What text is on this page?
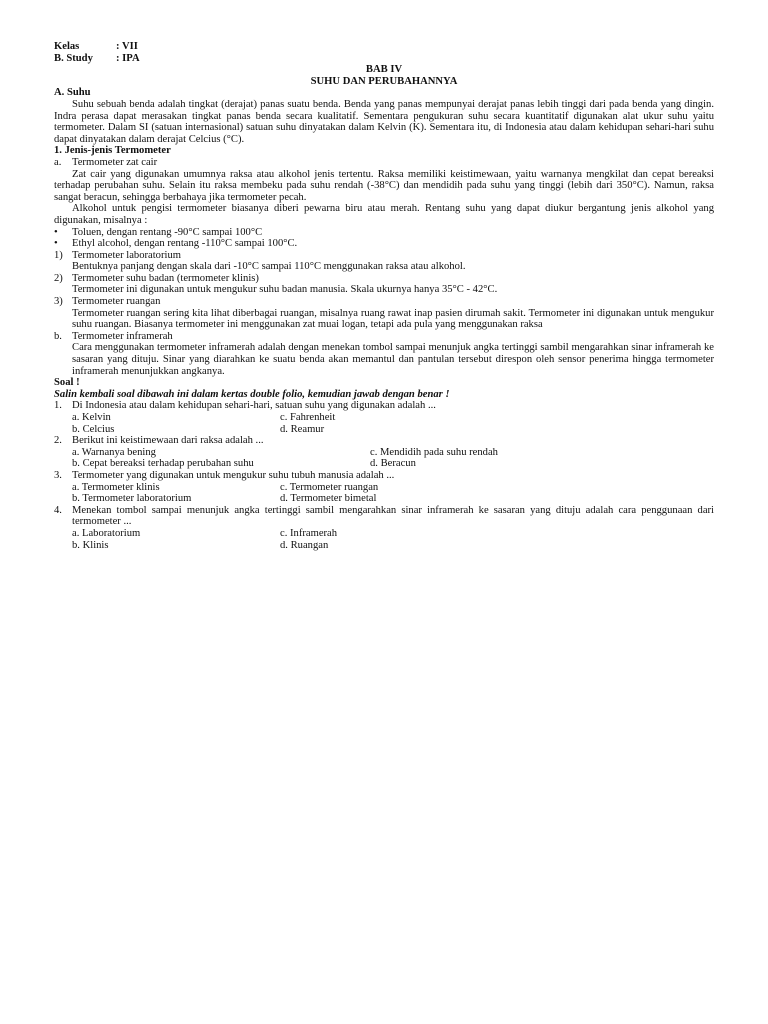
Kelas	: VII
B. Study	: IPA
BAB IV
SUHU DAN PERUBAHANNYA
A. Suhu

Suhu sebuah benda adalah tingkat (derajat) panas suatu benda. Benda yang panas mempunyai derajat panas lebih tinggi dari pada benda yang dingin. Indra perasa dapat merasakan tingkat panas benda secara kualitatif. Sementara pengukuran suhu secara kuantitatif digunakan alat ukur suhu yaitu termometer. Dalam SI (satuan internasional) satuan suhu dinyatakan dalam Kelvin (K). Sementara itu, di Indonesia atau dalam kehidupan sehari-hari suhu dapat dinyatakan dalam derajat Celcius (°C).

1. Jenis-jenis Termometer
a.	Termometer zat cair

Zat cair yang digunakan umumnya raksa atau alkohol jenis tertentu. Raksa memiliki keistimewaan, yaitu warnanya mengkilat dan cepat bereaksi terhadap perubahan suhu. Selain itu raksa membeku pada suhu rendah (-38°C) dan mendidih pada suhu yang tinggi (lebih dari 350°C). Namun, raksa sangat beracun, sehingga berbahaya jika termometer pecah.

Alkohol untuk pengisi termometer biasanya diberi pewarna biru atau merah. Rentang suhu yang dapat diukur bergantung jenis alkohol yang digunakan, misalnya :

•	Toluen, dengan rentang -90°C sampai 100°C
•	Ethyl alcohol, dengan rentang -110°C sampai 100°C.
1) Termometer laboratorium

Bentuknya panjang dengan skala dari -10°C sampai 110°C menggunakan raksa atau alkohol.

2) Termometer suhu badan (termometer klinis)

Termometer ini digunakan untuk mengukur suhu badan manusia. Skala ukurnya hanya 35°C - 42°C.

3) Termometer ruangan

Termometer ruangan sering kita lihat diberbagai ruangan, misalnya ruang rawat inap pasien dirumah sakit. Termometer ini digunakan untuk mengukur suhu ruangan. Biasanya termometer ini menggunakan zat muai logan, tetapi ada pula yang menggunakan raksa

b. Termometer inframerah

Cara menggunakan termometer inframerah adalah dengan menekan tombol sampai menunjuk angka tertinggi sambil mengarahkan sinar inframerah ke sasaran yang dituju. Sinar yang diarahkan ke suatu benda akan memantul dan pantulan tersebut direspon oleh sensor penerima hingga termometer inframerah menunjukkan angkanya.

Soal !
Salin kembali soal dibawah ini dalam kertas double folio, kemudian jawab dengan benar !
1. Di Indonesia atau dalam kehidupan sehari-hari, satuan suhu yang digunakan adalah ...
a. Kelvin	c. Fahrenheit
b. Celcius	d. Reamur
2. Berikut ini keistimewaan dari raksa adalah ...
a. Warnanya bening	c. Mendidih pada suhu rendah
b. Cepat bereaksi terhadap perubahan suhu	d. Beracun
3. Termometer yang digunakan untuk mengukur suhu tubuh manusia adalah ...
a. Termometer klinis	c. Termometer ruangan
b. Termometer laboratorium	d. Termometer bimetal
4. Menekan tombol sampai menunjuk angka tertinggi sambil mengarahkan sinar inframerah ke sasaran yang dituju adalah cara penggunaan dari termometer ...
a. Laboratorium	c. Inframerah
b. Klinis	d. Ruangan
